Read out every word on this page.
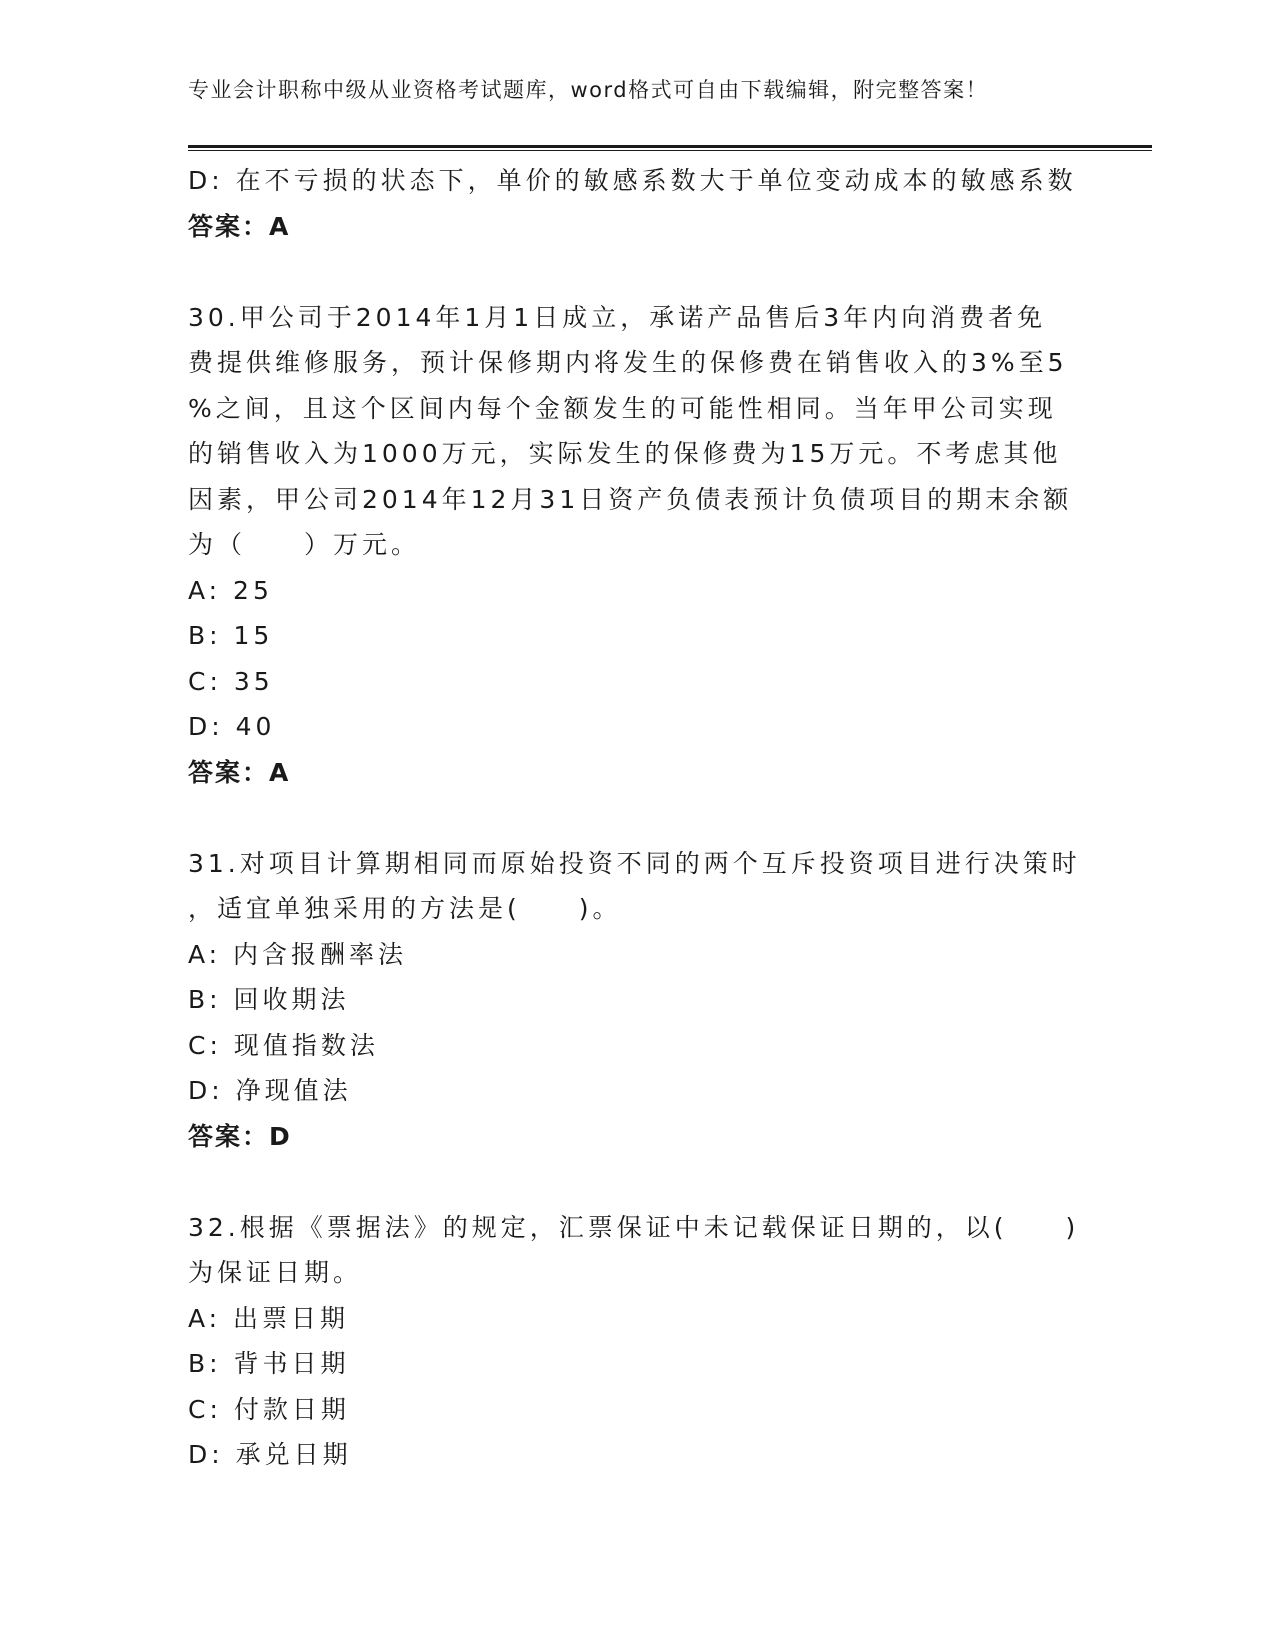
专业会计职称中级从业资格考试题库，word格式可自由下载编辑，附完整答案！
D: 在不亏损的状态下，单价的敏感系数大于单位变动成本的敏感系数
答案：A
30.甲公司于2014年1月1日成立，承诺产品售后3年内向消费者免
费提供维修服务，预计保修期内将发生的保修费在销售收入的3%至5
%之间，且这个区间内每个金额发生的可能性相同。当年甲公司实现
的销售收入为1000万元，实际发生的保修费为15万元。不考虑其他
因素，甲公司2014年12月31日资产负债表预计负债项目的期末余额
为（　　）万元。
A: 25
B: 15
C: 35
D: 40
答案：A
31.对项目计算期相同而原始投资不同的两个互斥投资项目进行决策时
，适宜单独采用的方法是(　　)。
A: 内含报酬率法
B: 回收期法
C: 现值指数法
D: 净现值法
答案：D
32.根据《票据法》的规定，汇票保证中未记载保证日期的，以(　　)
为保证日期。
A: 出票日期
B: 背书日期
C: 付款日期
D: 承兑日期
